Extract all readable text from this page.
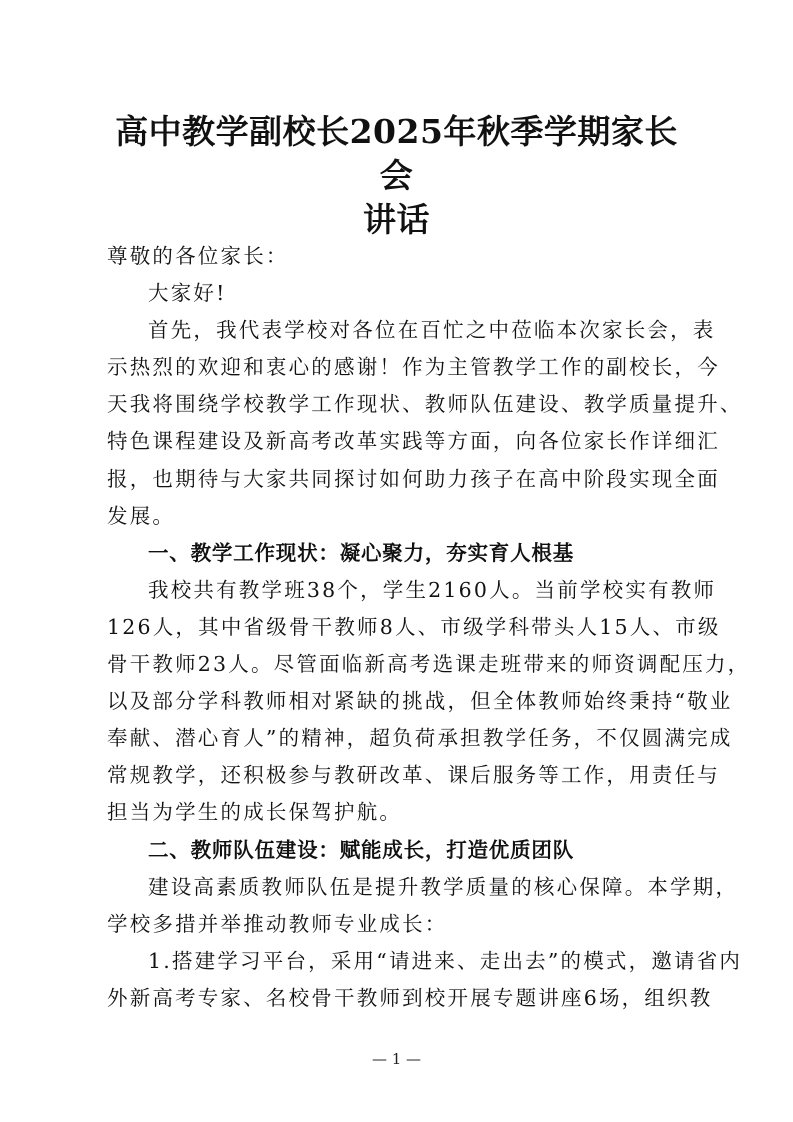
高中教学副校长2025年秋季学期家长会
讲话
尊敬的各位家长：
大家好!
首先，我代表学校对各位在百忙之中莅临本次家长会，表
示热烈的欢迎和衷心的感谢！作为主管教学工作的副校长，今
天我将围绕学校教学工作现状、教师队伍建设、教学质量提升、
特色课程建设及新高考改革实践等方面，向各位家长作详细汇
报，也期待与大家共同探讨如何助力孩子在高中阶段实现全面
发展。
一、教学工作现状：凝心聚力，夯实育人根基
我校共有教学班38个，学生2160人。当前学校实有教师
126人，其中省级骨干教师8人、市级学科带头人15人、市级
骨干教师23人。尽管面临新高考选课走班带来的师资调配压力，
以及部分学科教师相对紧缺的挑战，但全体教师始终秉持“敬业
奉献、潜心育人”的精神，超负荷承担教学任务，不仅圆满完成
常规教学，还积极参与教研改革、课后服务等工作，用责任与
担当为学生的成长保驾护航。
二、教师队伍建设：赋能成长，打造优质团队
建设高素质教师队伍是提升教学质量的核心保障。本学期，
学校多措并举推动教师专业成长：
1.搭建学习平台，采用“请进来、走出去”的模式，邀请省内
外新高考专家、名校骨干教师到校开展专题讲座6场，组织教
— 1 —
